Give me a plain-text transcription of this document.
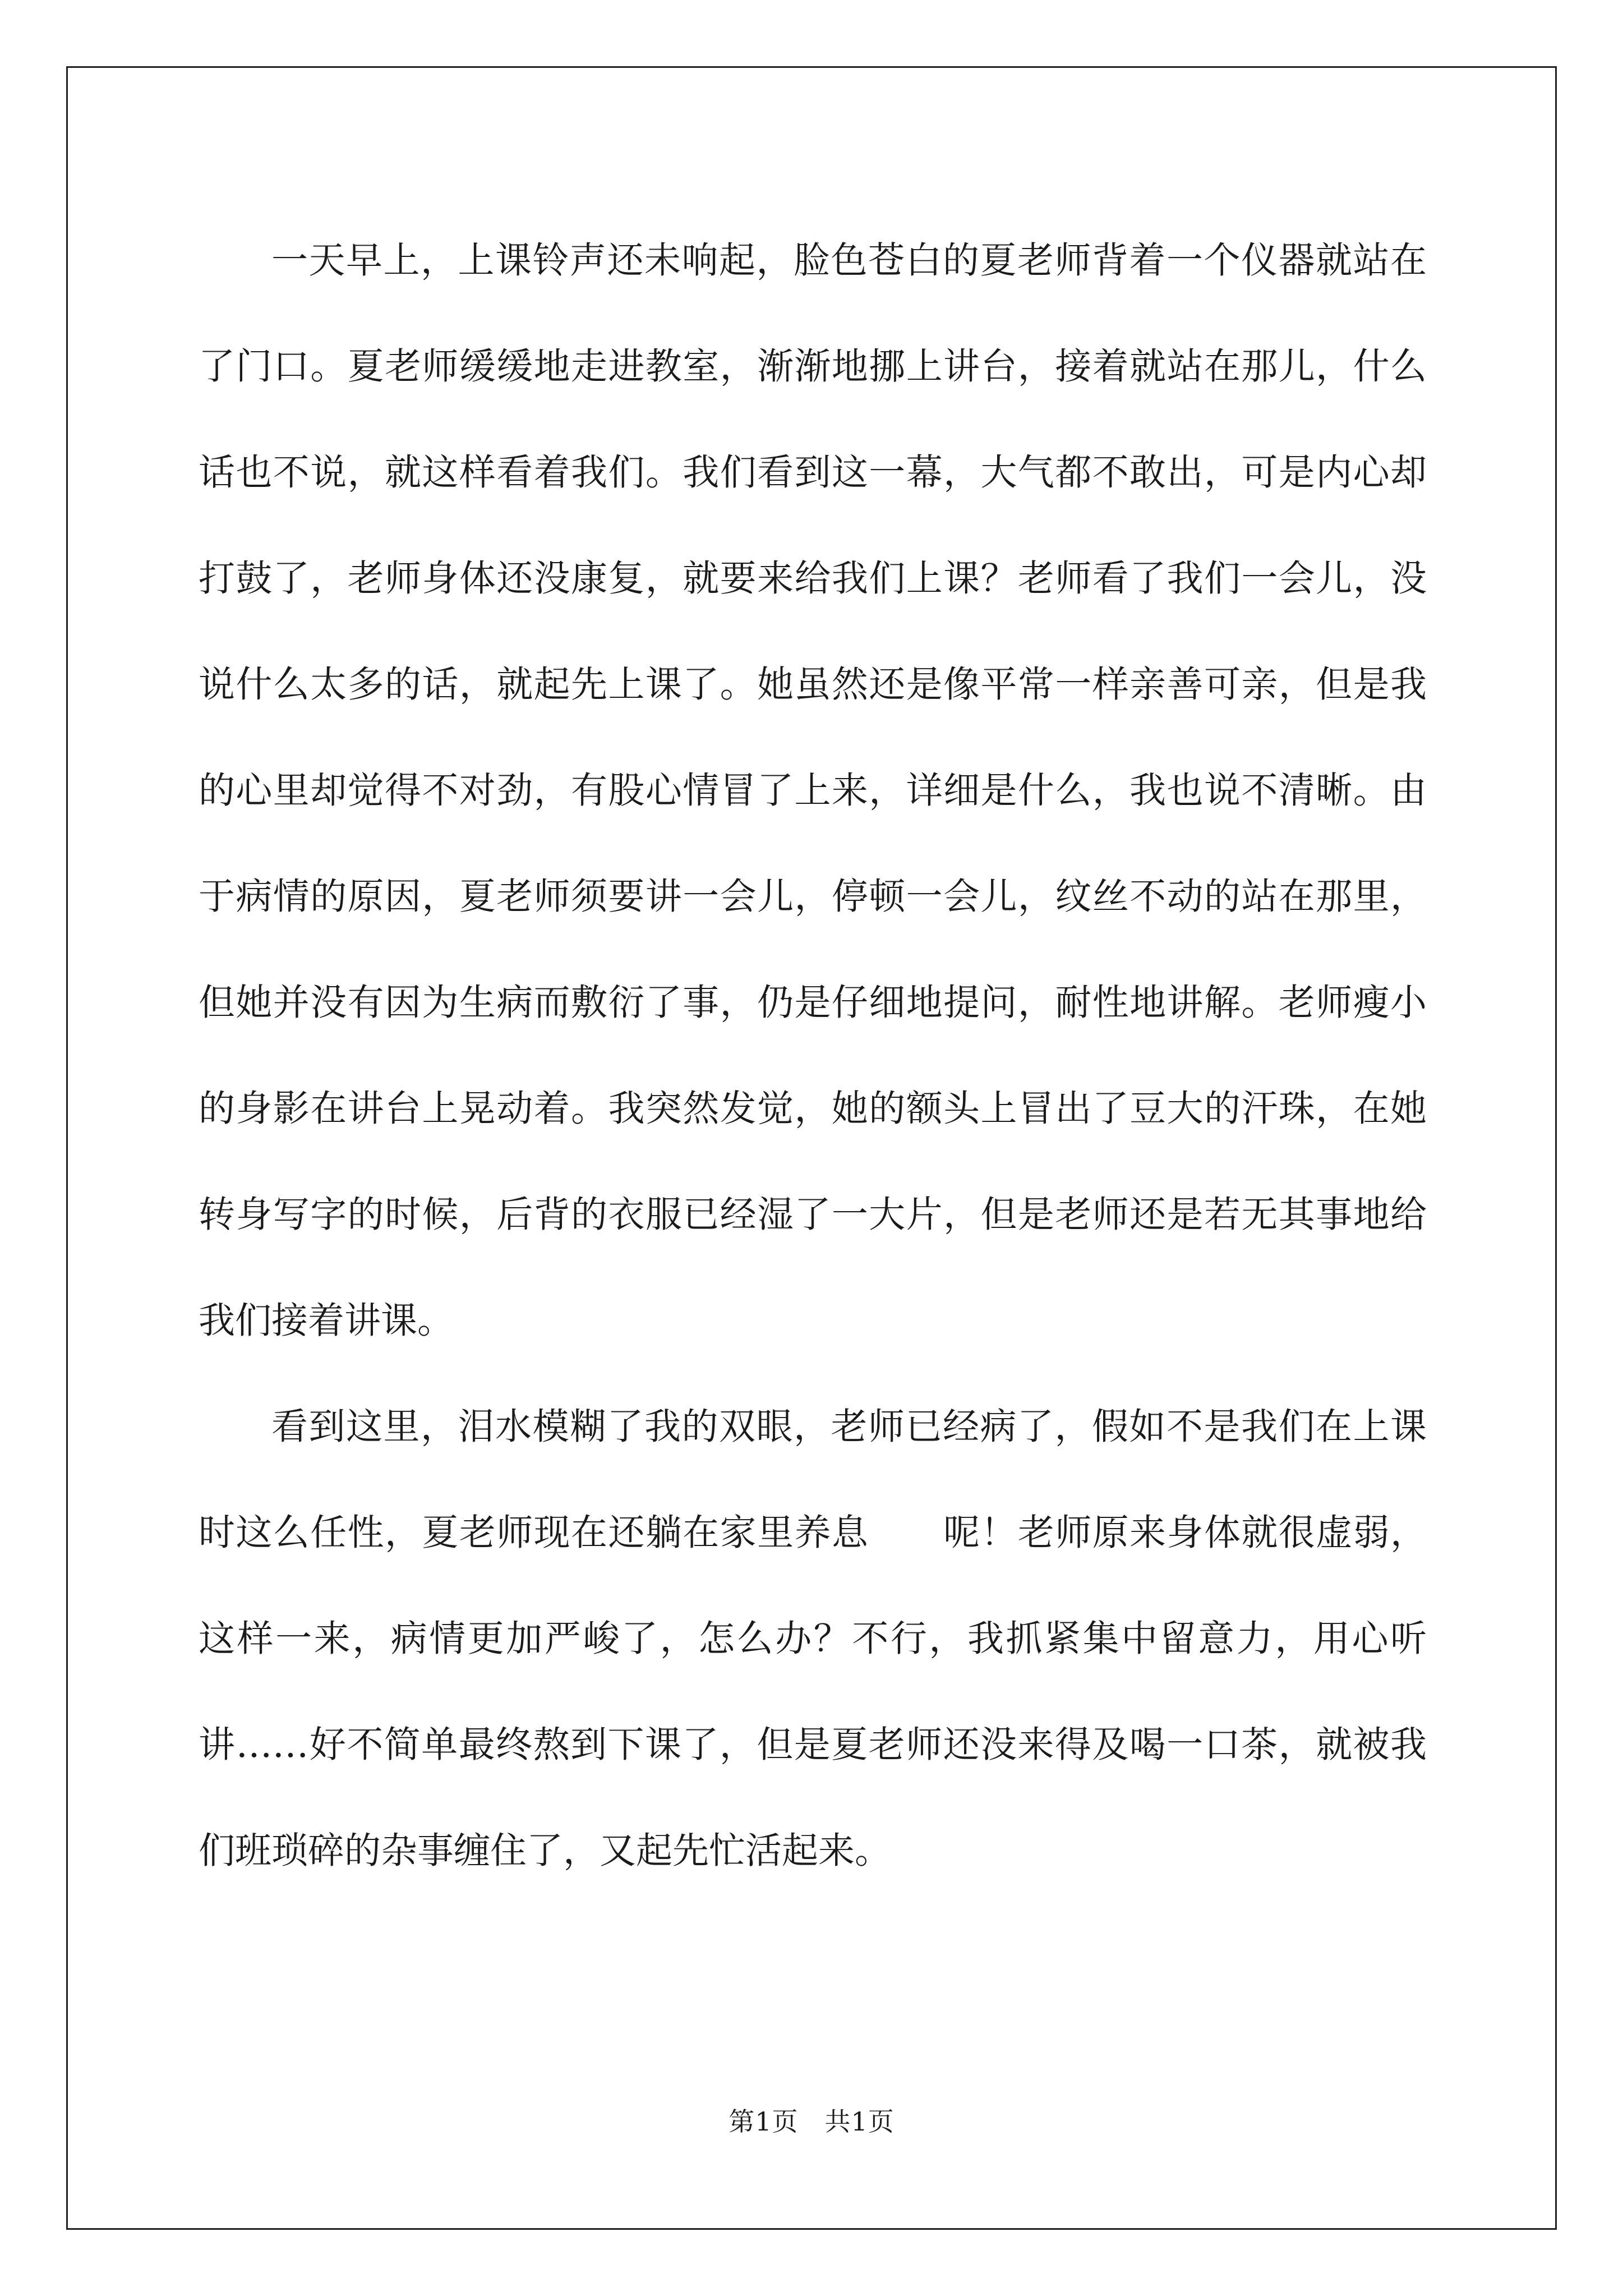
一天早上，上课铃声还未响起，脸色苍白的夏老师背着一个仪器就站在了门口。夏老师缓缓地走进教室，渐渐地挪上讲台，接着就站在那儿，什么话也不说，就这样看着我们。我们看到这一幕，大气都不敢出，可是内心却打鼓了，老师身体还没康复，就要来给我们上课？老师看了我们一会儿，没说什么太多的话，就起先上课了。她虽然还是像平常一样亲善可亲，但是我的心里却觉得不对劲，有股心情冒了上来，详细是什么，我也说不清晰。由于病情的原因，夏老师须要讲一会儿，停顿一会儿，纹丝不动的站在那里，但她并没有因为生病而敷衍了事，仍是仔细地提问，耐性地讲解。老师瘦小的身影在讲台上晃动着。我突然发觉，她的额头上冒出了豆大的汗珠，在她转身写字的时候，后背的衣服已经湿了一大片，但是老师还是若无其事地给我们接着讲课。

看到这里，泪水模糊了我的双眼，老师已经病了，假如不是我们在上课时这么任性，夏老师现在还躺在家里养息　　呢！老师原来身体就很虚弱，这样一来，病情更加严峻了，怎么办？不行，我抓紧集中留意力，用心听讲……好不简单最终熬到下课了，但是夏老师还没来得及喝一口茶，就被我们班琐碎的杂事缠住了，又起先忙活起来。

第1页　共1页
